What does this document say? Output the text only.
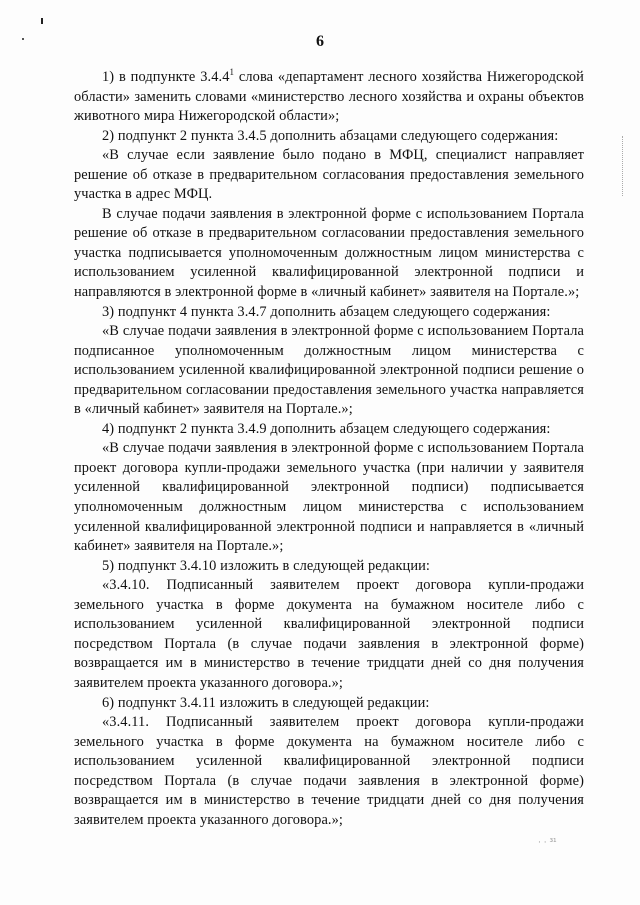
6

1) в подпункте 3.4.4$^1$ слова «департамент лесного хозяйства Нижегородской области» заменить словами «министерство лесного хозяйства и охраны объектов животного мира Нижегородской области»;

2) подпункт 2 пункта 3.4.5 дополнить абзацами следующего содержания:

«В случае если заявление было подано в МФЦ, специалист направляет решение об отказе в предварительном согласования предоставления земельного участка в адрес МФЦ.

В случае подачи заявления в электронной форме с использованием Портала решение об отказе в предварительном согласовании предоставления земельного участка подписывается уполномоченным должностным лицом министерства с использованием усиленной квалифицированной электронной подписи и направляются в электронной форме в «личный кабинет» заявителя на Портале.»;

3) подпункт 4 пункта 3.4.7 дополнить абзацем следующего содержания:

«В случае подачи заявления в электронной форме с использованием Портала подписанное уполномоченным должностным лицом министерства с использованием усиленной квалифицированной электронной подписи решение о предварительном согласовании предоставления земельного участка направляется в «личный кабинет» заявителя на Портале.»;

4) подпункт 2 пункта 3.4.9 дополнить абзацем следующего содержания:

«В случае подачи заявления в электронной форме с использованием Портала проект договора купли-продажи земельного участка (при наличии у заявителя усиленной квалифицированной электронной подписи) подписывается уполномоченным должностным лицом министерства с использованием усиленной квалифицированной электронной подписи и направляется в «личный кабинет» заявителя на Портале.»;

5) подпункт 3.4.10 изложить в следующей редакции:

«3.4.10. Подписанный заявителем проект договора купли-продажи земельного участка в форме документа на бумажном носителе либо с использованием усиленной квалифицированной электронной подписи посредством Портала (в случае подачи заявления в электронной форме) возвращается им в министерство в течение тридцати дней со дня получения заявителем проекта указанного договора.»;

6) подпункт 3.4.11 изложить в следующей редакции:

«3.4.11. Подписанный заявителем проект договора купли-продажи земельного участка в форме документа на бумажном носителе либо с использованием усиленной квалифицированной электронной подписи посредством Портала (в случае подачи заявления в электронной форме) возвращается им в министерство в течение тридцати дней со дня получения заявителем проекта указанного договора.»;

· · ³¹
